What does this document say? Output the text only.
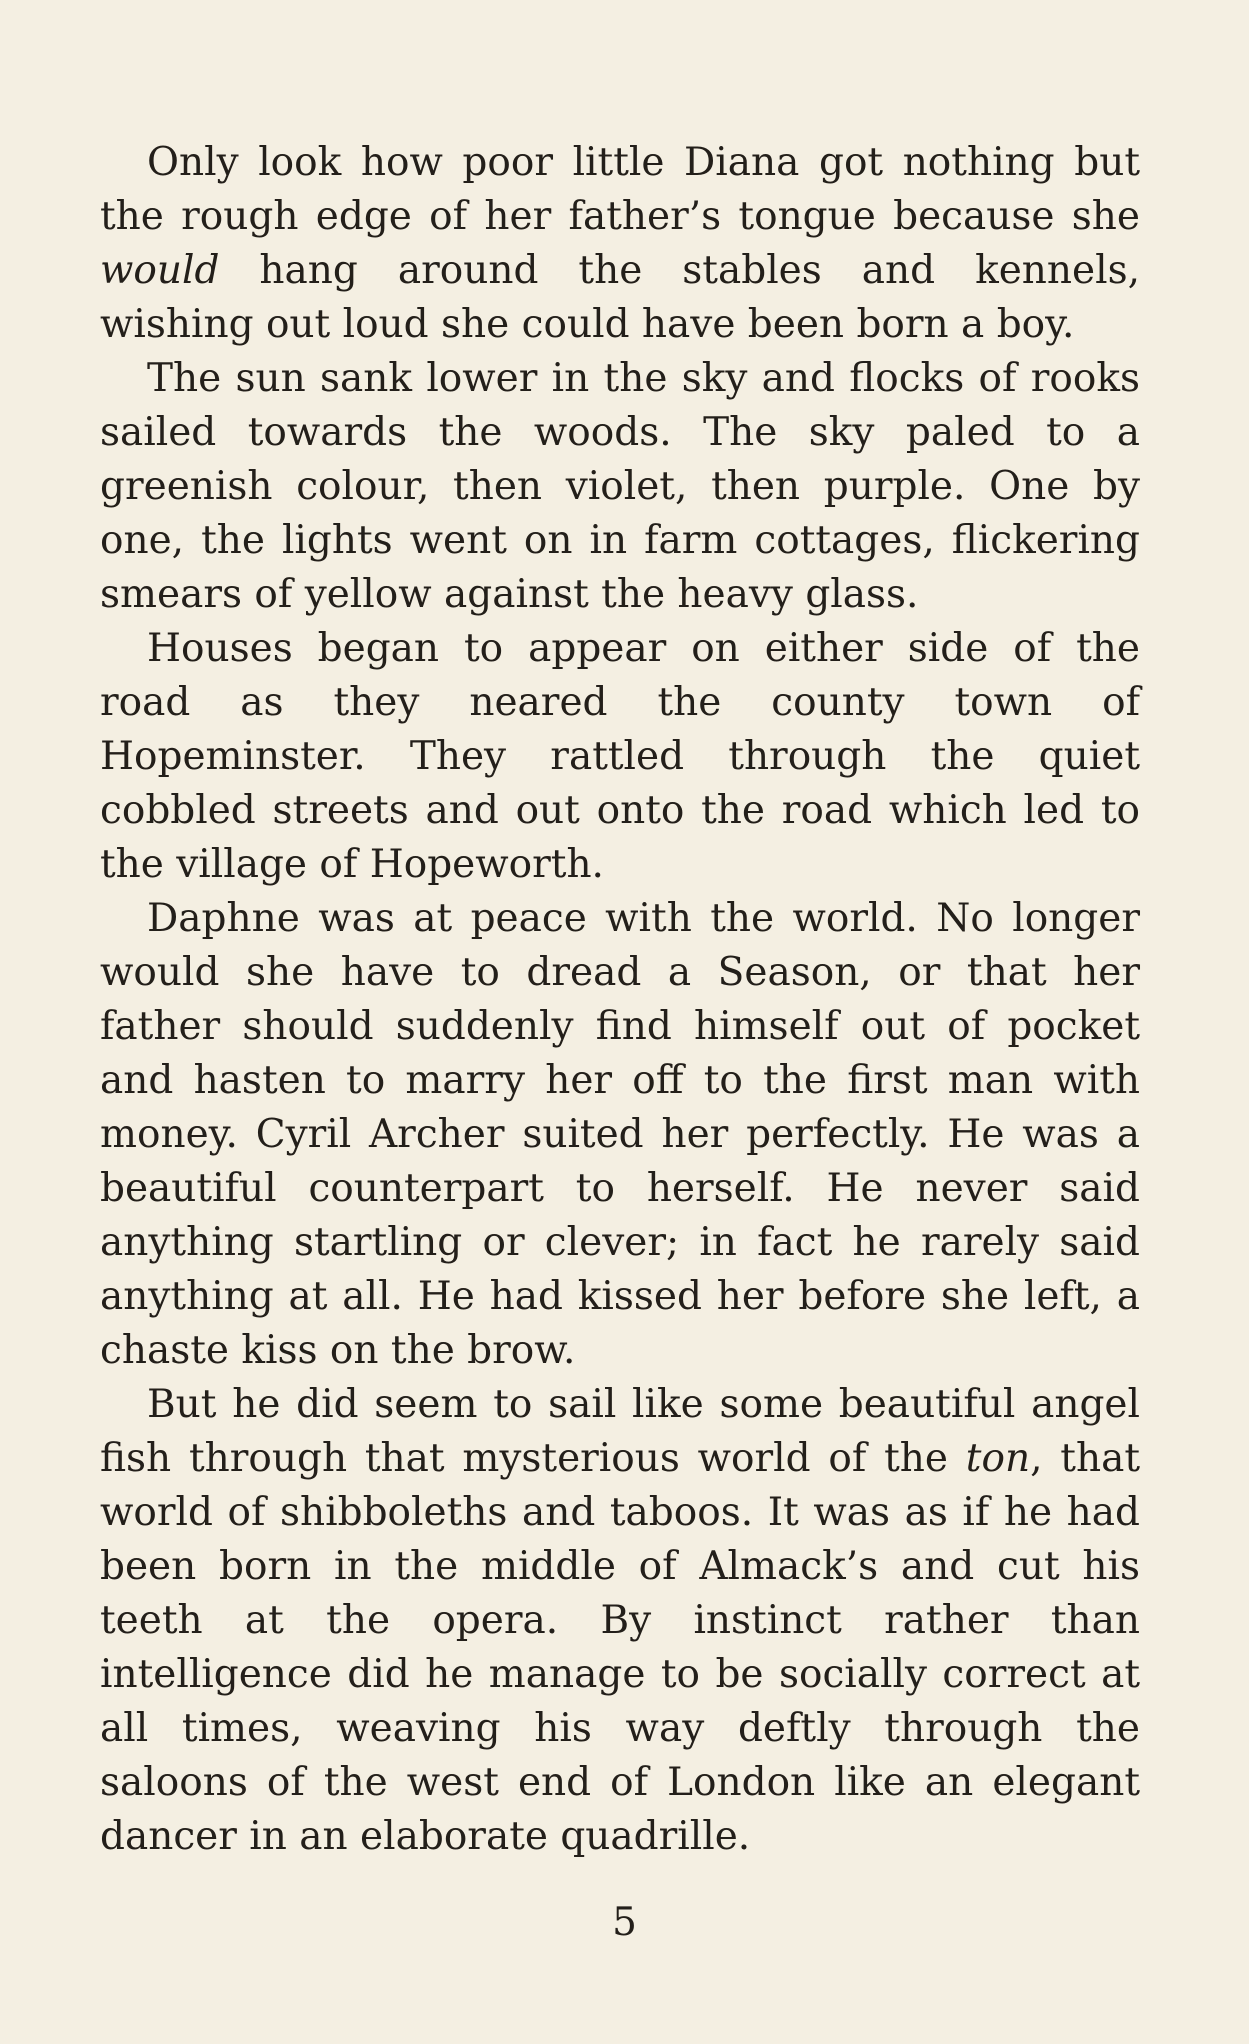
Only look how poor little Diana got nothing but the rough edge of her father’s tongue because she would hang around the stables and kennels, wishing out loud she could have been born a boy.

The sun sank lower in the sky and flocks of rooks sailed towards the woods. The sky paled to a greenish colour, then violet, then purple. One by one, the lights went on in farm cottages, flickering smears of yellow against the heavy glass.

Houses began to appear on either side of the road as they neared the county town of Hopeminster. They rattled through the quiet cobbled streets and out onto the road which led to the village of Hopeworth.

Daphne was at peace with the world. No longer would she have to dread a Season, or that her father should suddenly find himself out of pocket and hasten to marry her off to the first man with money. Cyril Archer suited her perfectly. He was a beautiful counterpart to herself. He never said anything startling or clever; in fact he rarely said anything at all. He had kissed her before she left, a chaste kiss on the brow.

But he did seem to sail like some beautiful angel fish through that mysterious world of the ton, that world of shibboleths and taboos. It was as if he had been born in the middle of Almack’s and cut his teeth at the opera. By instinct rather than intelligence did he manage to be socially correct at all times, weaving his way deftly through the saloons of the west end of London like an elegant dancer in an elaborate quadrille.

5
